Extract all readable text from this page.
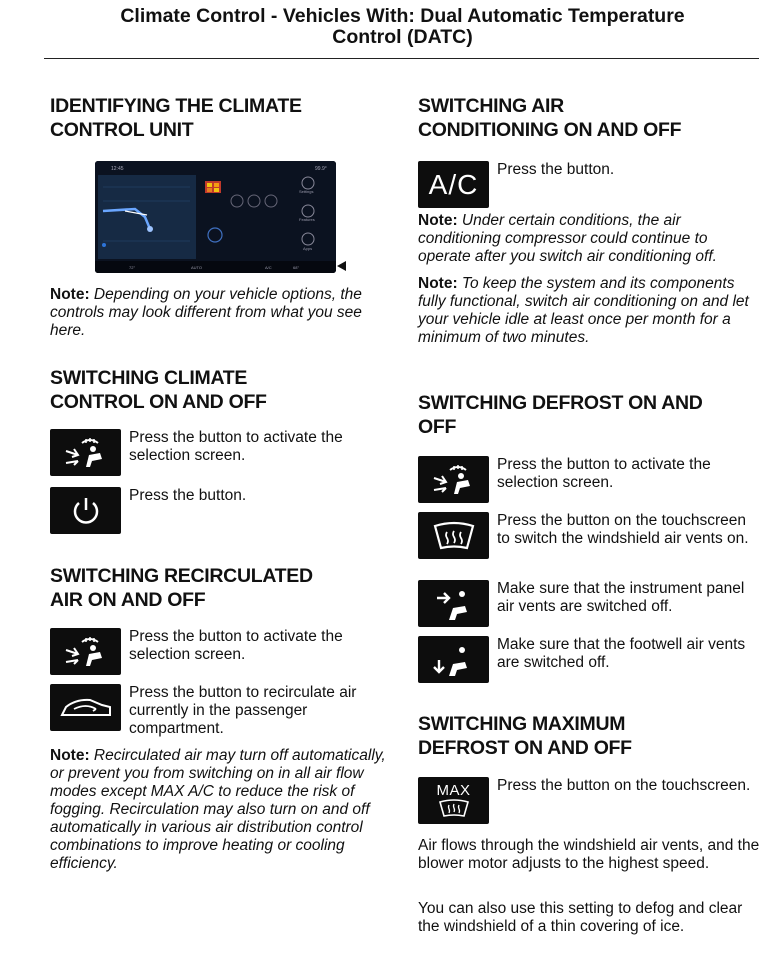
Climate Control - Vehicles With: Dual Automatic Temperature
Control (DATC)
IDENTIFYING THE CLIMATE
CONTROL UNIT
12:45	99.9°
Settings
Features
Apps
72°	AUTO	A/C	68°

Note: Depending on your vehicle options, the controls may look different from what you see here.

SWITCHING CLIMATE
CONTROL ON AND OFF
Press the button to activate the selection screen.
Press the button.
SWITCHING RECIRCULATED
AIR ON AND OFF
Press the button to activate the selection screen.
Press the button to recirculate air currently in the passenger compartment.

Note: Recirculated air may turn off automatically, or prevent you from switching on in all air flow modes except MAX A/C to reduce the risk of fogging. Recirculation may also turn on and off automatically in various air distribution control combinations to improve heating or cooling efficiency.

SWITCHING AIR
CONDITIONING ON AND OFF
A/C Press the button.

Note: Under certain conditions, the air conditioning compressor could continue to operate after you switch air conditioning off.

Note: To keep the system and its components fully functional, switch air conditioning on and let your vehicle idle at least once per month for a minimum of two minutes.

SWITCHING DEFROST ON AND
OFF
Press the button to activate the selection screen.
Press the button on the touchscreen to switch the windshield air vents on.
Make sure that the instrument panel air vents are switched off.
Make sure that the footwell air vents are switched off.
SWITCHING MAXIMUM
DEFROST ON AND OFF
MAX Press the button on the touchscreen.

Air flows through the windshield air vents, and the blower motor adjusts to the highest speed.

You can also use this setting to defog and clear the windshield of a thin covering of ice.
